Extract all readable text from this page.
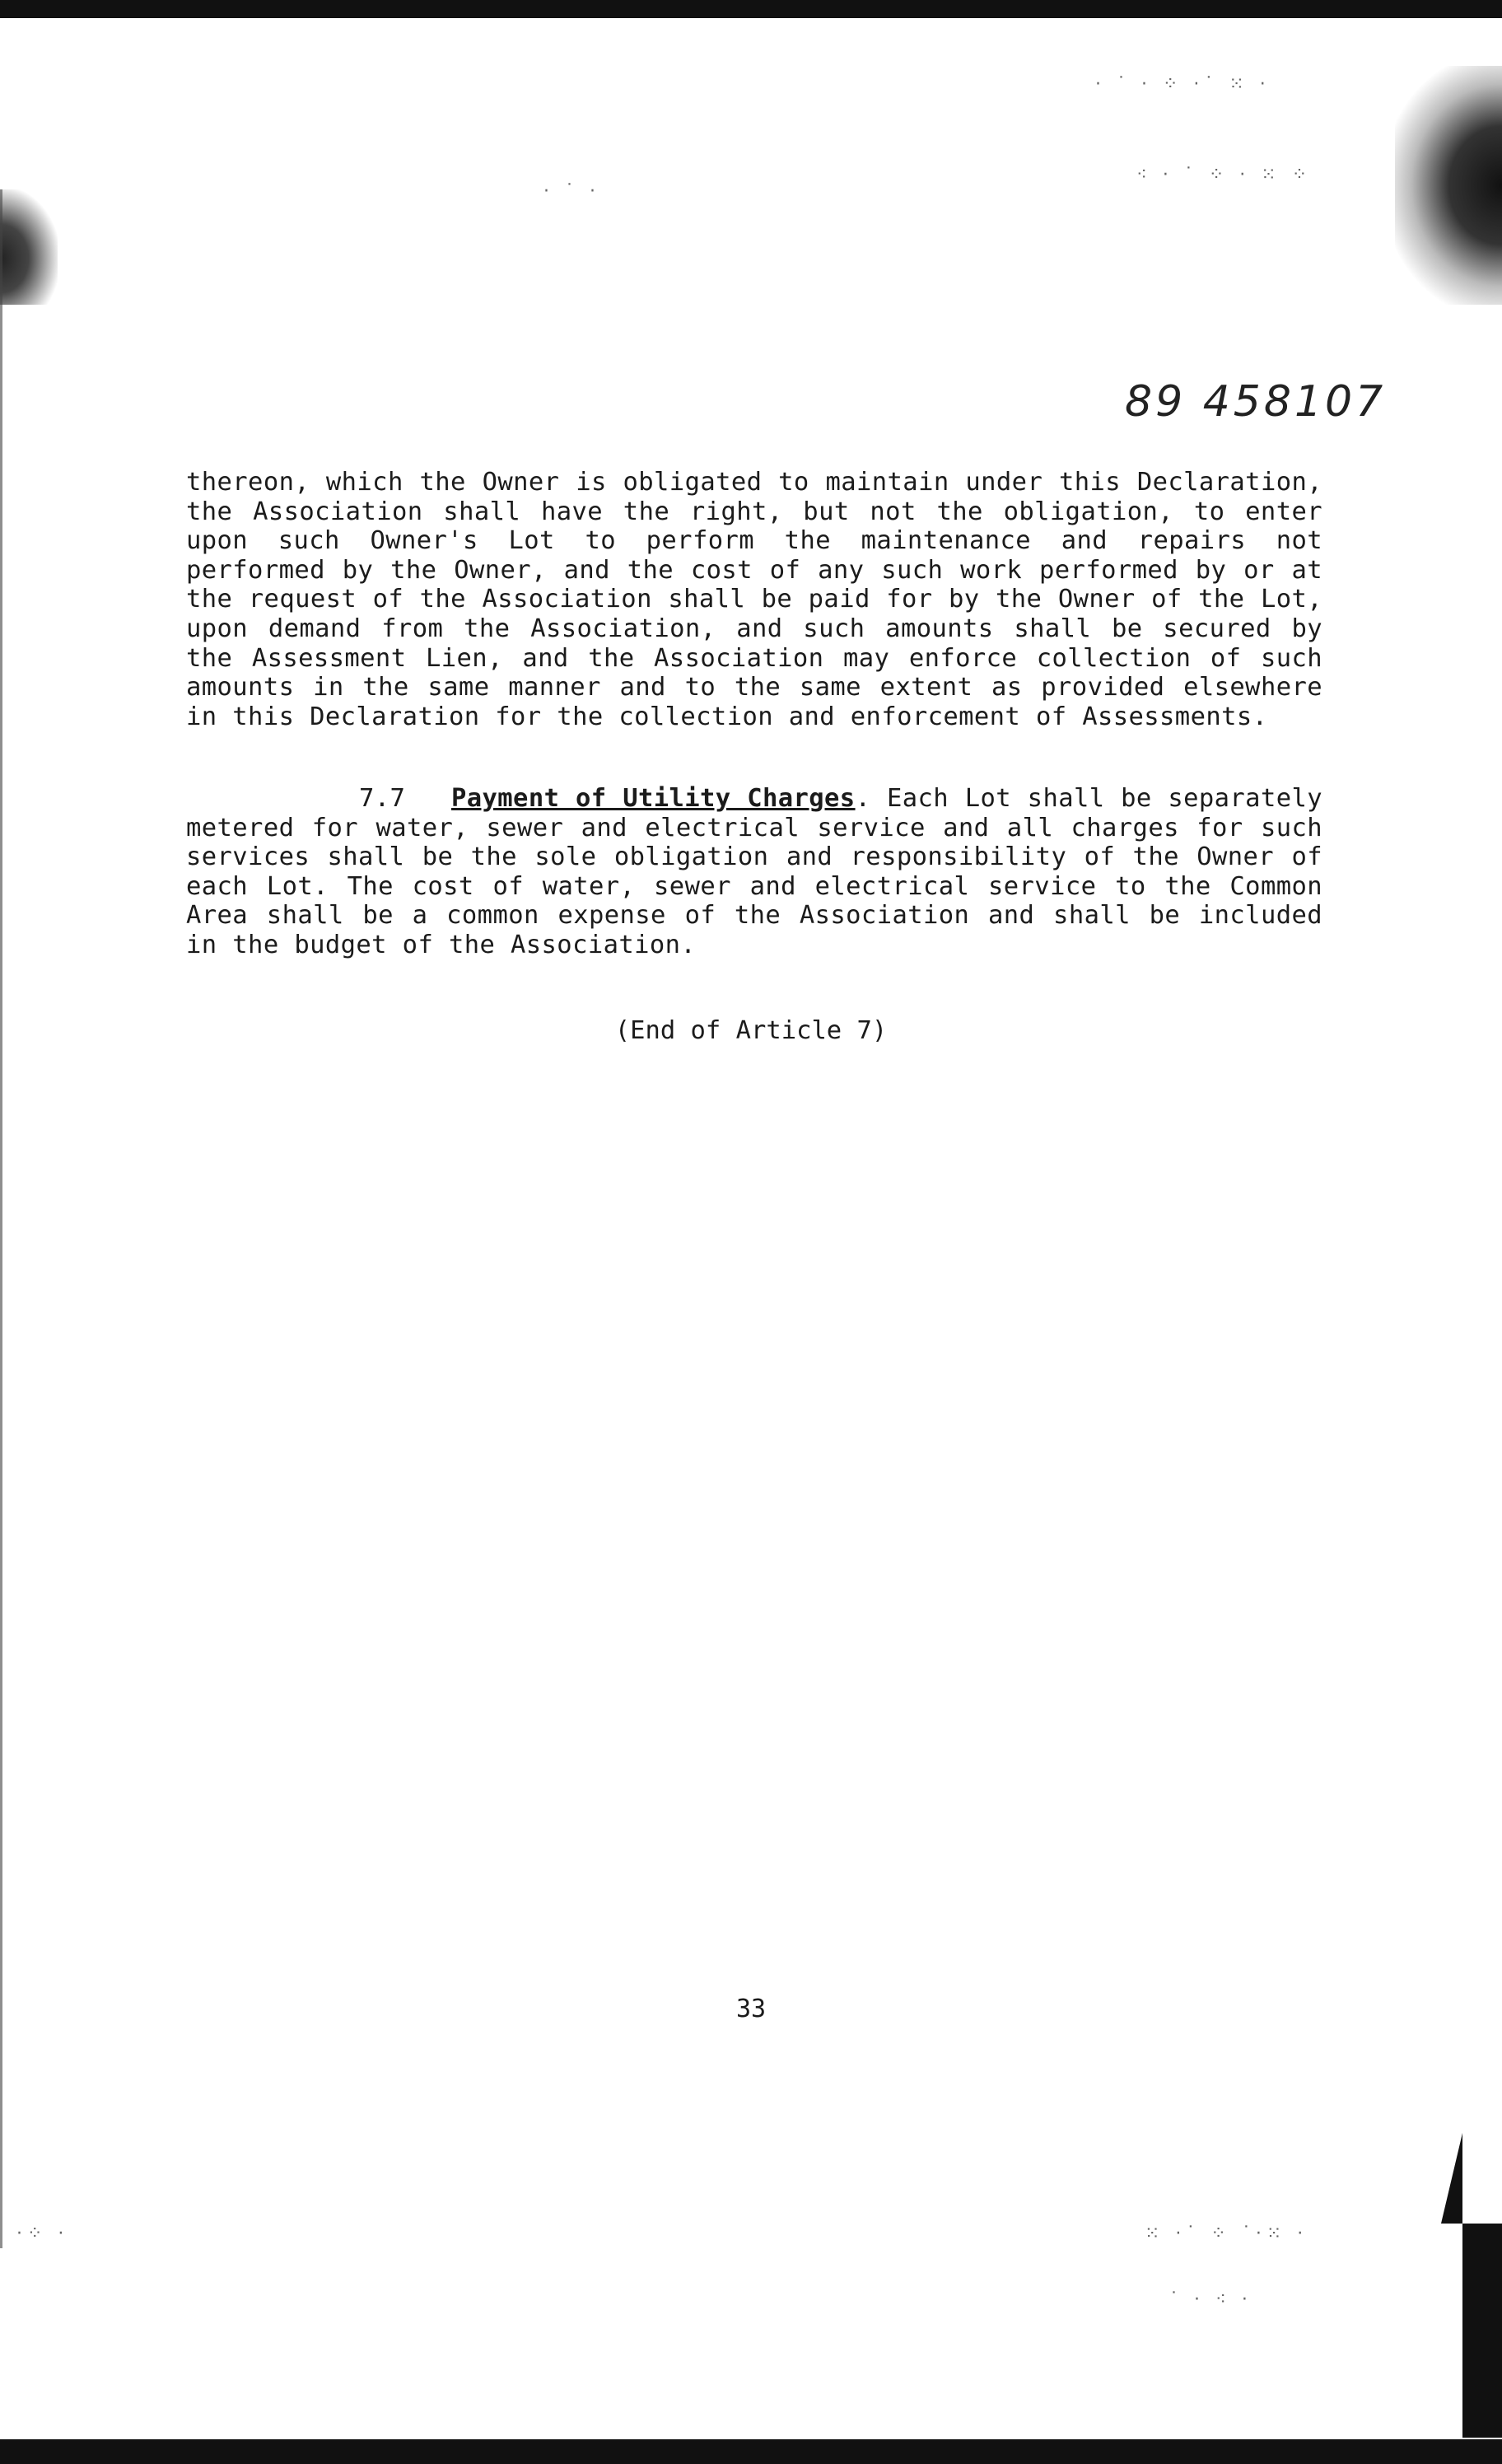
· ˙ · ⁘ ·˙ ⁙ ·
⁖ · ˙ ⁘ · ⁙ ⁘
· ˙ ·
⁙ ·˙ ⁘ ˙·⁙ ·
˙ · ⁖ ·
·⁘ ·
89 458107

thereon, which the Owner is obligated to maintain under this Declaration, the Association shall have the right, but not the obligation, to enter upon such Owner's Lot to perform the maintenance and repairs not performed by the Owner, and the cost of any such work performed by or at the request of the Association shall be paid for by the Owner of the Lot, upon demand from the Association, and such amounts shall be secured by the Assessment Lien, and the Association may enforce collection of such amounts in the same manner and to the same extent as provided elsewhere in this Declaration for the collection and enforcement of Assessments.

7.7 Payment of Utility Charges. Each Lot shall be separately metered for water, sewer and electrical service and all charges for such services shall be the sole obligation and responsibility of the Owner of each Lot. The cost of water, sewer and electrical service to the Common Area shall be a common expense of the Association and shall be included in the budget of the Association.

(End of Article 7)
33
